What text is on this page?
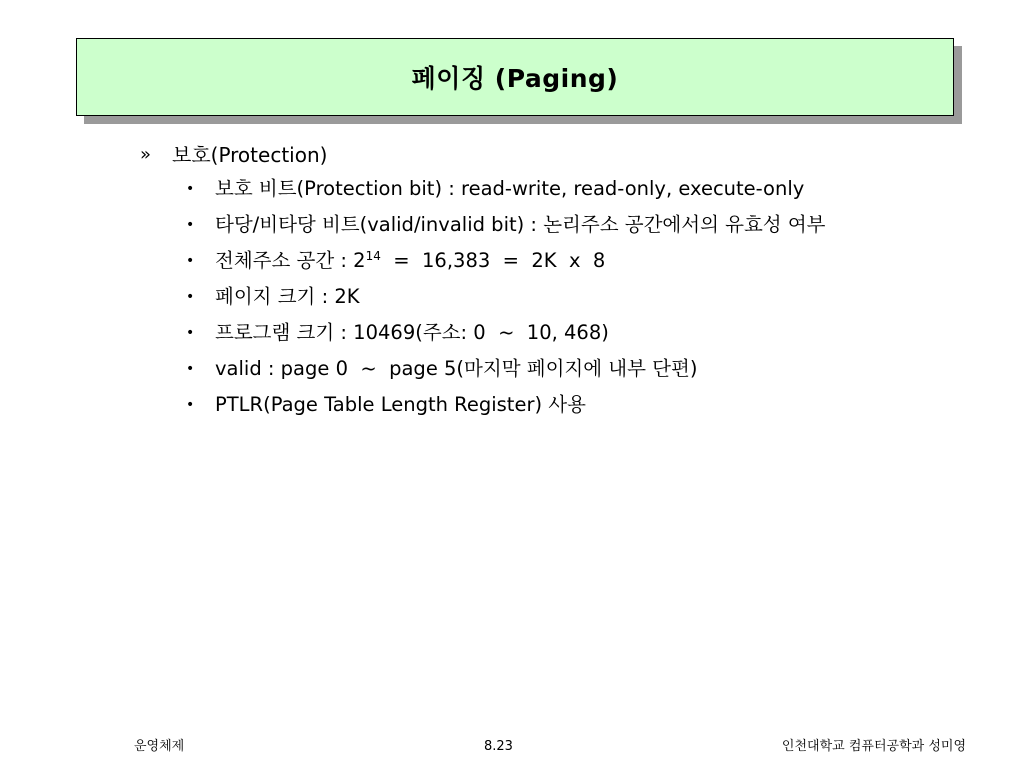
페이징 (Paging)
»	보호(Protection)
•	보호 비트(Protection bit) : read-write, read-only, execute-only
•	타당/비타당 비트(valid/invalid bit) : 논리주소 공간에서의 유효성 여부
•	전체주소 공간 : $2^{14} = 16,383 = 2K$  x  8
•	페이지 크기 : 2K
•	프로그램 크기 : 10469(주소: 0  ~  10, 468)
•	valid : page 0  ~  page 5(마지막 페이지에 내부 단편)
•	PTLR(Page Table Length Register) 사용
운영체제	8.23	인천대학교 컴퓨터공학과 성미영
